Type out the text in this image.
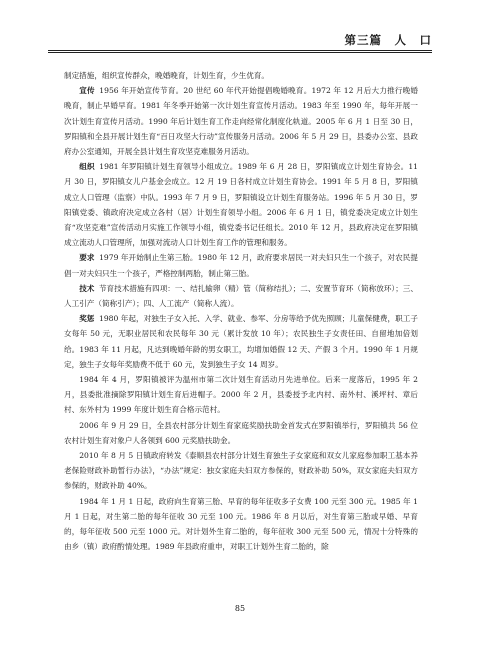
第三篇　人　口

制定措施，组织宣传群众，晚婚晚育，计划生育，少生优育。

宣传 1956 年开始宣传节育。20 世纪 60 年代开始提倡晚婚晚育。1972 年 12 月后大力推行晚婚晚育，制止早婚早育。1981 年冬季开始第一次计划生育宣传月活动。1983 年至 1990 年，每年开展一次计划生育宣传月活动。1990 年后计划生育工作走向经常化制度化轨道。2005 年 6 月 1 日至 30 日，罗阳镇和全县开展计划生育“百日攻坚大行动”宣传服务月活动。2006 年 5 月 29 日，县委办公室、县政府办公室通知，开展全县计划生育攻坚克难服务月活动。

组织 1981 年罗阳镇计划生育领导小组成立。1989 年 6 月 28 日，罗阳镇成立计划生育协会。11 月 30 日，罗阳镇女儿户基金会成立。12 月 19 日各村成立计划生育协会。1991 年 5 月 8 日，罗阳镇成立人口管理（监察）中队。1993 年 7 月 9 日，罗阳镇设立计划生育服务站。1996 年 5 月 30 日，罗阳镇党委、镇政府决定成立各村（居）计划生育领导小组。2006 年 6 月 1 日，镇党委决定成立计划生育“攻坚克难”宣传活动月实施工作领导小组，镇党委书记任组长。2010 年 12 月，县政府决定在罗阳镇成立流动人口管理所，加强对流动人口计划生育工作的管理和服务。

要求 1979 年开始制止生第三胎。1980 年 12 月，政府要求居民一对夫妇只生一个孩子，对农民提倡一对夫妇只生一个孩子，严格控制两胎，制止第三胎。

技术 节育技术措施有四项：一、结扎输卵（精）管（简称结扎）；二、安置节育环（简称放环）；三、人工引产（简称引产）；四、人工流产（简称人流）。

奖惩 1980 年起，对独生子女入托、入学、就业、参军、分房等给予优先照顾；儿童保健费，职工子女每年 50 元，无职业居民和农民每年 30 元（累计发放 10 年）；农民独生子女责任田、自留地加倍划给。1983 年 11 月起，凡达到晚婚年龄的男女职工，均增加婚假 12 天、产假 3 个月。1990 年 1 月规定，独生子女每年奖励费不低于 60 元，发到独生子女 14 周岁。

1984 年 4 月，罗阳镇被评为温州市第二次计划生育活动月先进单位。后来一度落后，1995 年 2 月，县委批准摘除罗阳镇计划生育后进帽子。2000 年 2 月，县委授予北内村、南外村、溪坪村、章后村、东外村为 1999 年度计划生育合格示范村。

2006 年 9 月 29 日，全县农村部分计划生育家庭奖励扶助金首发式在罗阳镇举行，罗阳镇共 56 位农村计划生育对象户人各领到 600 元奖励扶助金。

2010 年 8 月 5 日镇政府转发《泰顺县农村部分计划生育独生子女家庭和双女儿家庭参加职工基本养老保险财政补助暂行办法》，“办法”规定：独女家庭夫妇双方参保的，财政补助 50%，双女家庭夫妇双方参保的，财政补助 40%。

1984 年 1 月 1 日起，政府向生育第三胎、早育的每年征收多子女费 100 元至 300 元。1985 年 1 月 1 日起，对生第二胎的每年征收 30 元至 100 元。1986 年 8 月以后，对生育第三胎或早婚、早育的，每年征收 500 元至 1000 元。对计划外生育二胎的，每年征收 300 元至 500 元，情况十分特殊的由乡（镇）政府酌情处理。1989 年县政府重申，对职工计划外生育二胎的，除

85
